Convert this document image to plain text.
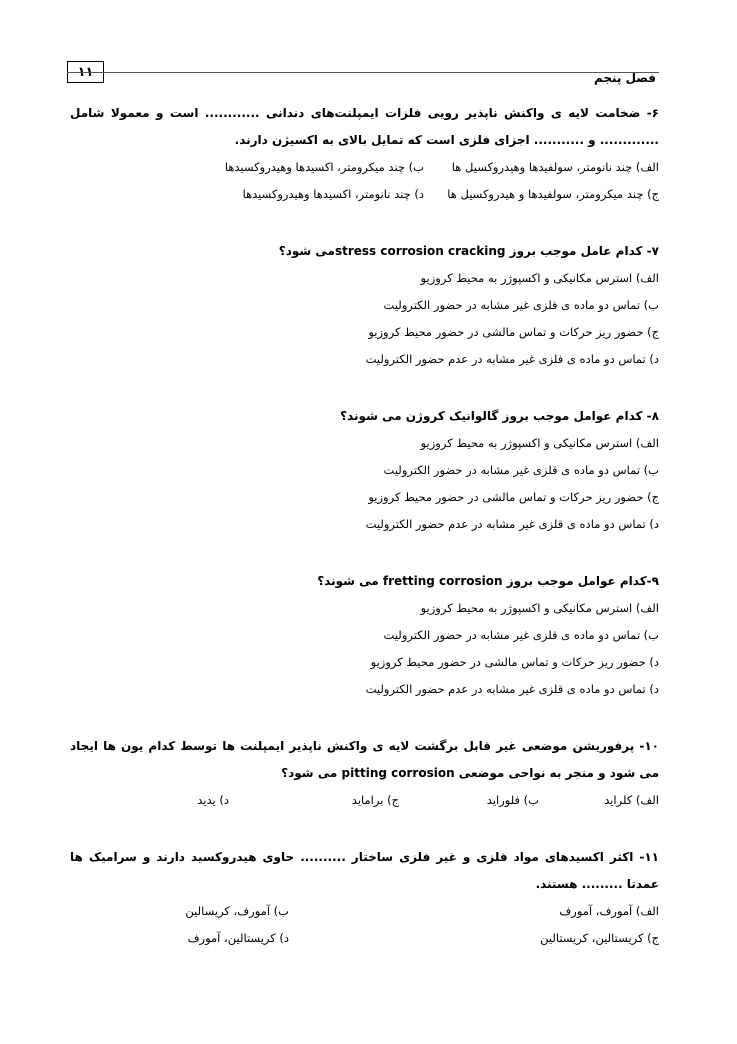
۱۱	فصل پنجم

۶- ضخامت لایه ی واکنش ناپذیر رویی فلزات ایمپلنت‌های دندانی ............ است و معمولا شامل ............. و ........... اجزای فلزی است که تمایل بالای به اکسیژن دارند.

الف) چند نانومتر، سولفیدها وهیدروکسیل ها
ب) چند میکرومتر، اکسیدها وهیدروکسیدها
ج) چند میکرومتر، سولفیدها و هیدروکسیل ها
د) چند نانومتر، اکسیدها وهیدروکسیدها

۷- کدام عامل موجب بروز stress corrosion crackingمی شود؟

الف) استرس مکانیکی و اکسپوژر به محیط کروزیو
ب) تماس دو ماده ی فلزی غیر مشابه در حضور الکترولیت
ج) حضور ریز حرکات و تماس مالشی در حضور محیط کروزیو
د) تماس دو ماده ی فلزی غیر مشابه در عدم حضور الکترولیت

۸- کدام عوامل موجب بروز گالوانیک کروژن می شوند؟

الف) استرس مکانیکی و اکسپوژر به محیط کروزیو
ب) تماس دو ماده ی قلزی غیر مشابه در حضور الکترولیت
ج) حضور ریز حرکات و تماس مالشی در حضور محیط کروزیو
د) تماس دو ماده ی قلزی غیر مشابه در عدم حضور الکترولیت

۹-کدام عوامل موجب بروز fretting corrosion می شوند؟

الف) استرس مکانیکی و اکسپوژر به محیط کروزیو
ب) تماس دو ماده ی قلزی غیر مشابه در حضور الکترولیت
د) حضور ریز حرکات و تماس مالشی در حضور محیط کروزیو
د) تماس دو ماده ی قلزی غیر مشابه در عدم حضور الکترولیت

۱۰- پرفوریشن موضعی غیر قابل برگشت لایه ی واکنش ناپذیر ایمپلنت ها توسط کدام یون ها ایجاد می شود و منجر به نواحی موضعی pitting corrosion می شود؟

الف) کلراید
ب) فلوراید
ج) برامايد
د) يديد

۱۱- اکثر اکسیدهای مواد فلزی و غیر فلزی ساختار .......... حاوی هیدروکسید دارند و سرامیک ها عمدتا ......... هستند.

الف) آمورف، آمورف
ب) آمورف، کریسالین
ج) کریستالین، کریستالین
د) کریستالین، آمورف
